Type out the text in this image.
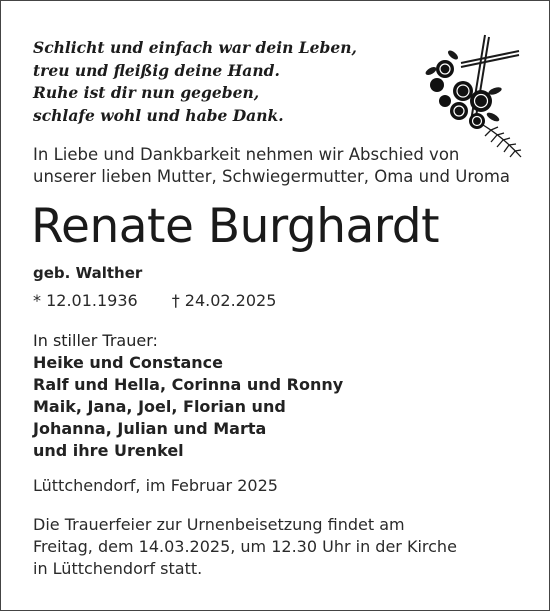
Schlicht und einfach war dein Leben,
treu und fleißig deine Hand.
Ruhe ist dir nun gegeben,
schlafe wohl und habe Dank.
In Liebe und Dankbarkeit nehmen wir Abschied von
unserer lieben Mutter, Schwiegermutter, Oma und Uroma
Renate Burghardt
geb. Walther
* 12.01.1936 † 24.02.2025
In stiller Trauer:
Heike und Constance
Ralf und Hella, Corinna und Ronny
Maik, Jana, Joel, Florian und
Johanna, Julian und Marta
und ihre Urenkel
Lüttchendorf, im Februar 2025
Die Trauerfeier zur Urnenbeisetzung findet am
Freitag, dem 14.03.2025, um 12.30 Uhr in der Kirche
in Lüttchendorf statt.
